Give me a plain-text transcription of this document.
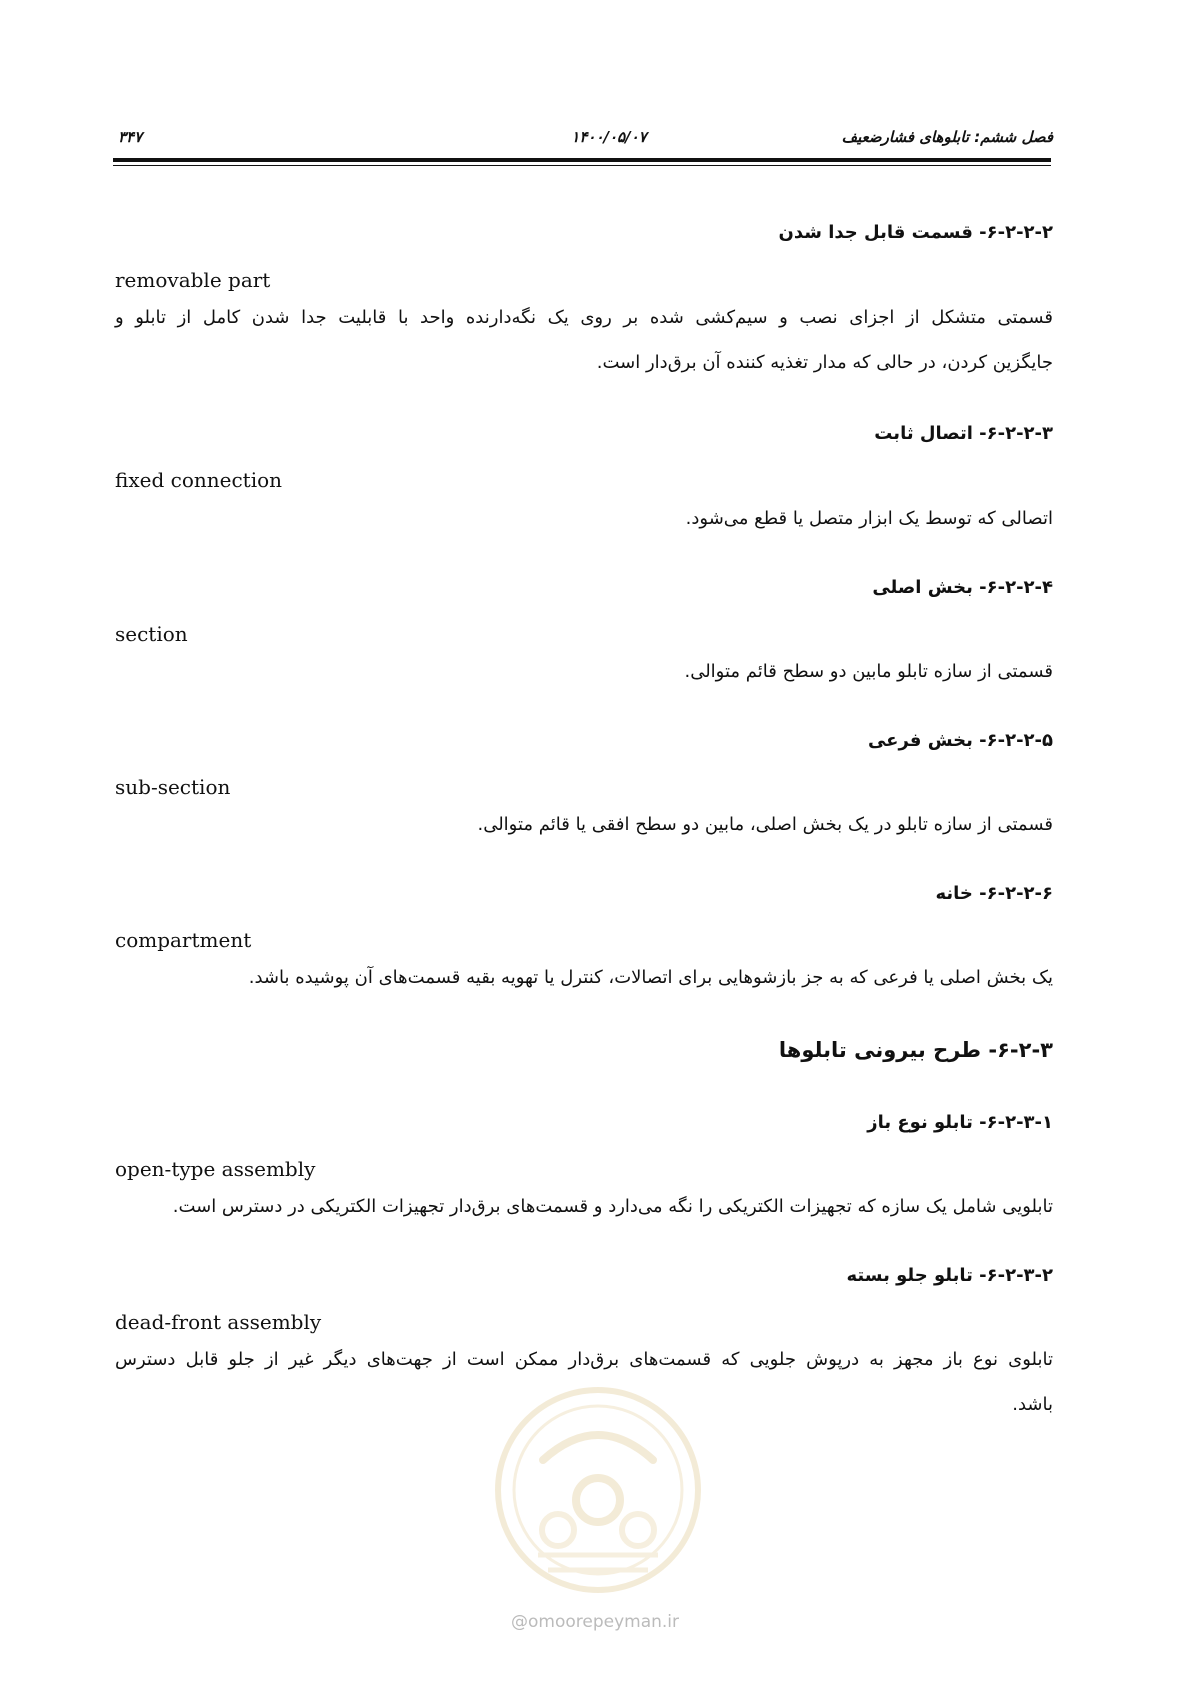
فصل ششم: تابلوهای فشارضعیف
۱۴۰۰/۰۵/۰۷
۳۴۷
۶-۲-۲-۲- قسمت قابل جدا شدن
removable part
قسمتی متشکل از اجزای نصب و سیم‌کشی شده بر روی یک نگه‌دارنده واحد با قابلیت جدا شدن کامل از تابلو و
جایگزین کردن، در حالی که مدار تغذیه کننده آن برق‌دار است.
۶-۲-۲-۳- اتصال ثابت
fixed connection
اتصالی که توسط یک ابزار متصل یا قطع می‌شود.
۶-۲-۲-۴- بخش اصلی
section
قسمتی از سازه تابلو مابین دو سطح قائم متوالی.
۶-۲-۲-۵- بخش فرعی
sub-section
قسمتی از سازه تابلو در یک بخش اصلی، مابین دو سطح افقی یا قائم متوالی.
۶-۲-۲-۶- خانه
compartment
یک بخش اصلی یا فرعی که به جز بازشوهایی برای اتصالات، کنترل یا تهویه بقیه قسمت‌های آن پوشیده باشد.
۶-۲-۳- طرح بیرونی تابلوها
۶-۲-۳-۱- تابلو نوع باز
open-type assembly
تابلویی شامل یک سازه که تجهیزات الکتریکی را نگه می‌دارد و قسمت‌های برق‌دار تجهیزات الکتریکی در دسترس است.
۶-۲-۳-۲- تابلو جلو بسته
dead-front assembly
تابلوی نوع باز مجهز به درپوش جلویی که قسمت‌های برق‌دار ممکن است از جهت‌های دیگر غیر از جلو قابل دسترس
باشد.
@omoorepeyman.ir
